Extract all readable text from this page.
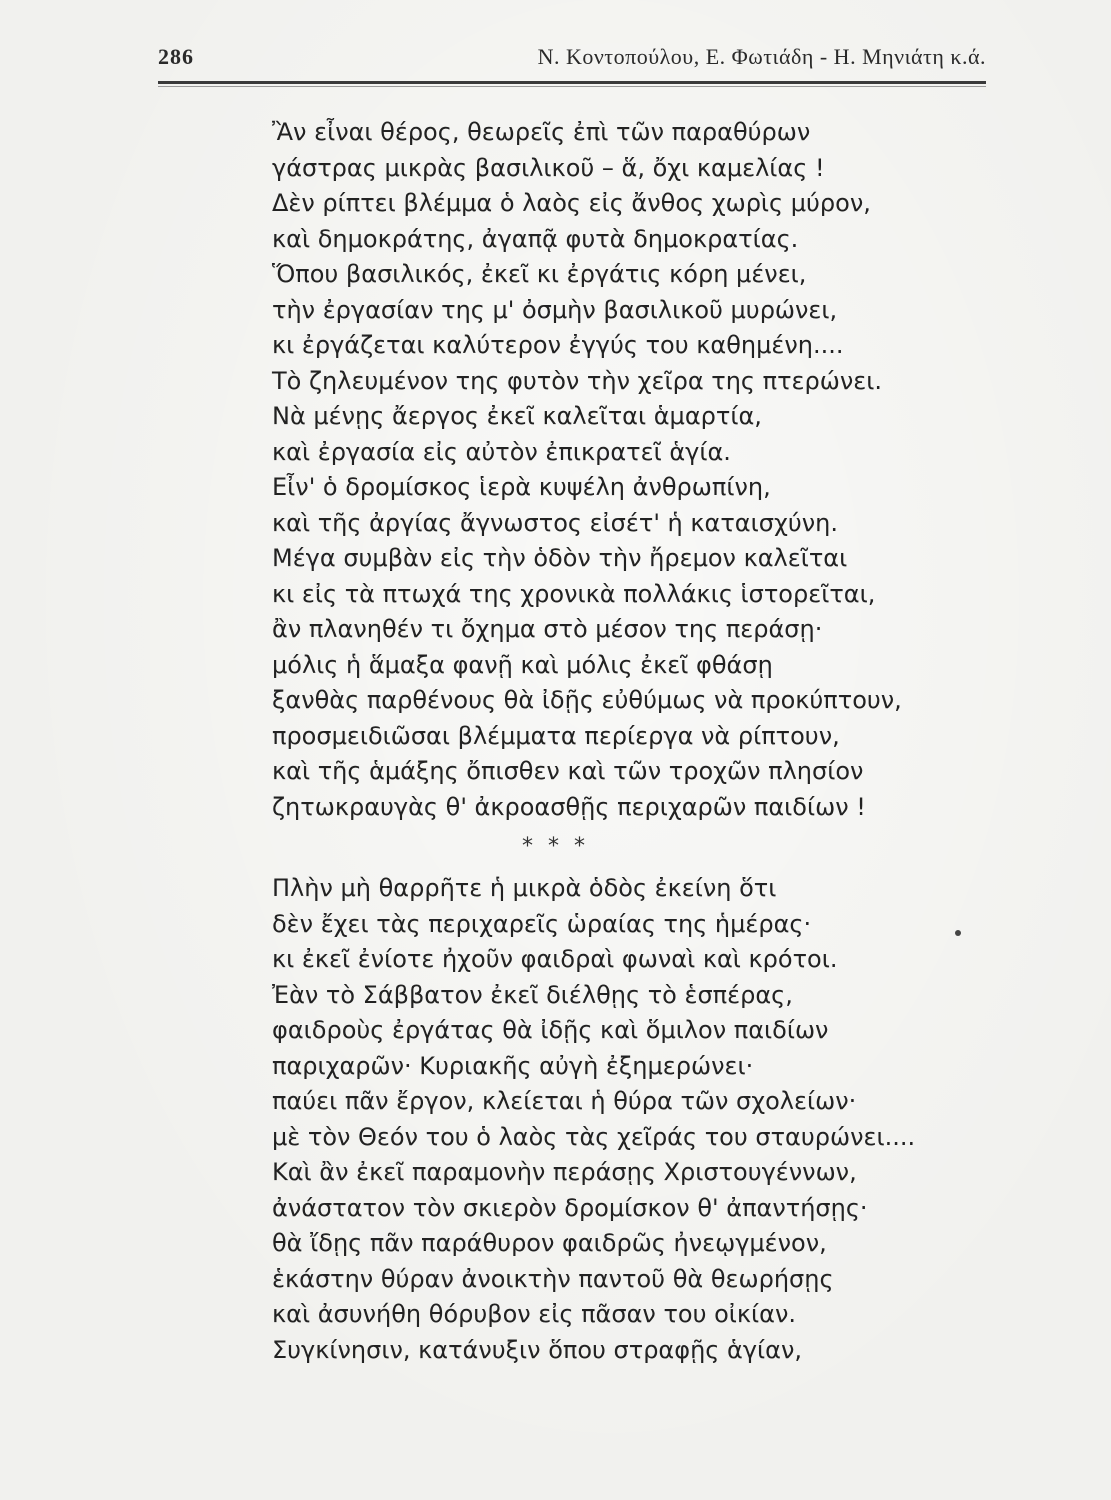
286	Ν. Κοντοπούλου, Ε. Φωτιάδη - Η. Μηνιάτη κ.ά.
Ἂν εἶναι θέρος, θεωρεῖς ἐπὶ τῶν παραθύρων
γάστρας μικρὰς βασιλικοῦ – ἅ, ὄχι καμελίας !
Δὲν ρίπτει βλέμμα ὁ λαὸς εἰς ἄνθος χωρὶς μύρον,
καὶ δημοκράτης, ἀγαπᾷ φυτὰ δημοκρατίας.
Ὅπου βασιλικός, ἐκεῖ κι ἐργάτις κόρη μένει,
τὴν ἐργασίαν της μ' ὀσμὴν βασιλικοῦ μυρώνει,
κι ἐργάζεται καλύτερον ἐγγύς του καθημένη....
Τὸ ζηλευμένον της φυτὸν τὴν χεῖρα της πτερώνει.
Νὰ μένῃς ἄεργος ἐκεῖ καλεῖται ἁμαρτία,
καὶ ἐργασία εἰς αὐτὸν ἐπικρατεῖ ἁγία.
Εἶν' ὁ δρομίσκος ἱερὰ κυψέλη ἀνθρωπίνη,
καὶ τῆς ἀργίας ἄγνωστος εἰσέτ' ἡ καταισχύνη.
Μέγα συμβὰν εἰς τὴν ὁδὸν τὴν ἤρεμον καλεῖται
κι εἰς τὰ πτωχά της χρονικὰ πολλάκις ἱστορεῖται,
ἂν πλανηθέν τι ὄχημα στὸ μέσον της περάσῃ·
μόλις ἡ ἅμαξα φανῇ καὶ μόλις ἐκεῖ φθάσῃ
ξανθὰς παρθένους θὰ ἰδῇς εὐθύμως νὰ προκύπτουν,
προσμειδιῶσαι βλέμματα περίεργα νὰ ρίπτουν,
καὶ τῆς ἁμάξης ὄπισθεν καὶ τῶν τροχῶν πλησίον
ζητωκραυγὰς θ' ἀκροασθῇς περιχαρῶν παιδίων !
* * *
Πλὴν μὴ θαρρῆτε ἡ μικρὰ ὁδὸς ἐκείνη ὅτι
δὲν ἔχει τὰς περιχαρεῖς ὡραίας της ἡμέρας·
κι ἐκεῖ ἐνίοτε ἠχοῦν φαιδραὶ φωναὶ καὶ κρότοι.
Ἐὰν τὸ Σάββατον ἐκεῖ διέλθῃς τὸ ἑσπέρας,
φαιδροὺς ἐργάτας θὰ ἰδῇς καὶ ὅμιλον παιδίων
παριχαρῶν· Κυριακῆς αὐγὴ ἐξημερώνει·
παύει πᾶν ἔργον, κλείεται ἡ θύρα τῶν σχολείων·
μὲ τὸν Θεόν του ὁ λαὸς τὰς χεῖράς του σταυρώνει....
Καὶ ἂν ἐκεῖ παραμονὴν περάσῃς Χριστουγέννων,
ἀνάστατον τὸν σκιερὸν δρομίσκον θ' ἀπαντήσῃς·
θὰ ἴδῃς πᾶν παράθυρον φαιδρῶς ἠνεῳγμένον,
ἑκάστην θύραν ἀνοικτὴν παντοῦ θὰ θεωρήσῃς
καὶ ἀσυνήθη θόρυβον εἰς πᾶσαν του οἰκίαν.
Συγκίνησιν, κατάνυξιν ὅπου στραφῇς ἁγίαν,
